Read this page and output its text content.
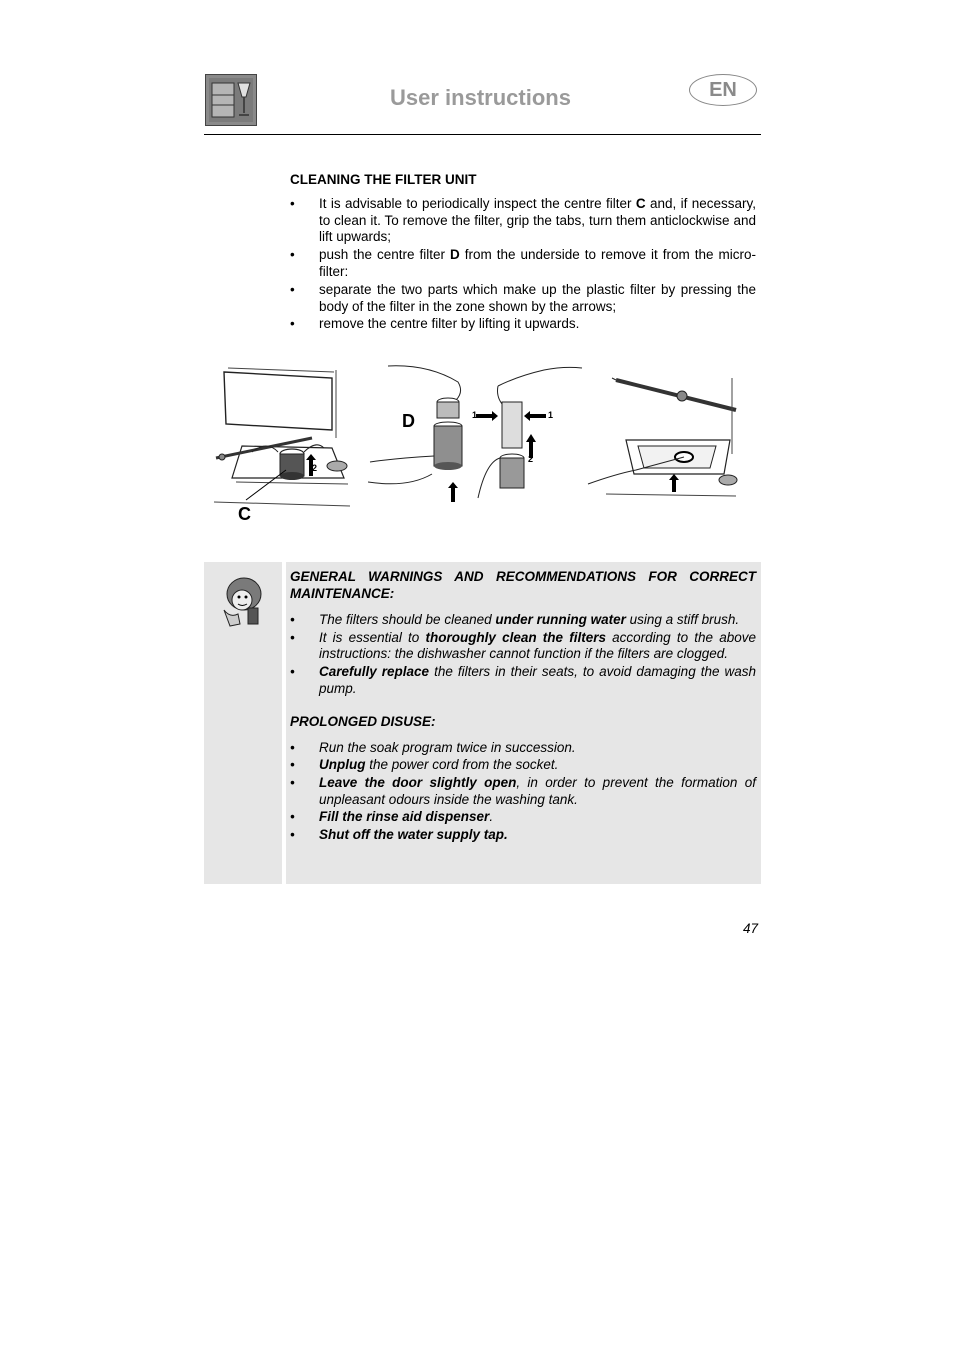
User instructions	EN
CLEANING THE FILTER UNIT
• It is advisable to periodically inspect the centre filter C and, if necessary, to clean it. To remove the filter, grip the tabs, turn them anticlockwise and lift upwards;
• push the centre filter D from the underside to remove it from the micro-filter:
• separate the two parts which make up the plastic filter by pressing the body of the filter in the zone shown by the arrows;
• remove the centre filter by lifting it upwards.
2
C
1	1
2
D
GENERAL WARNINGS AND RECOMMENDATIONS FOR CORRECT MAINTENANCE:
• The filters should be cleaned under running water using a stiff brush.
• It is essential to thoroughly clean the filters according to the above instructions: the dishwasher cannot function if the filters are clogged.
• Carefully replace the filters in their seats, to avoid damaging the wash pump.
PROLONGED DISUSE:
• Run the soak program twice in succession.
• Unplug the power cord from the socket.
• Leave the door slightly open, in order to prevent the formation of unpleasant odours inside the washing tank.
• Fill the rinse aid dispenser.
• Shut off the water supply tap.
47
